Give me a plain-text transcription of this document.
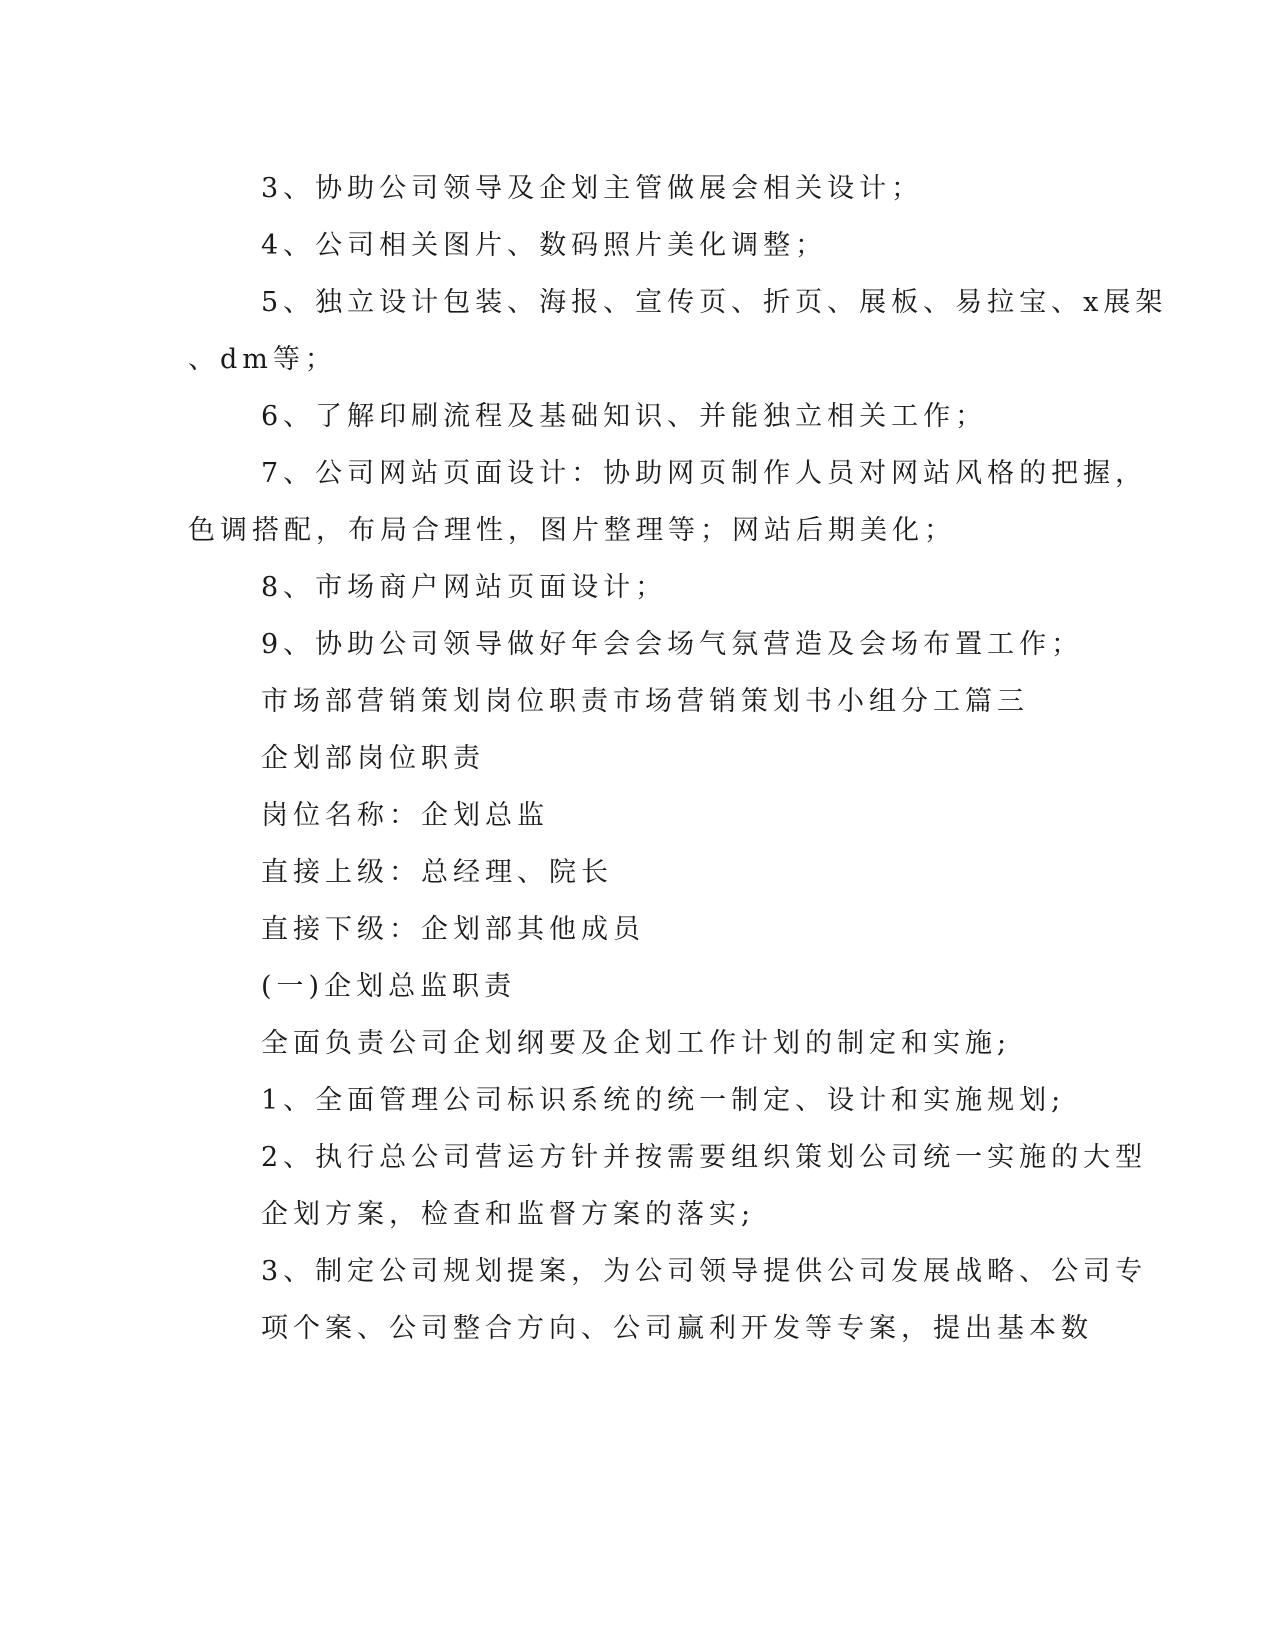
3、协助公司领导及企划主管做展会相关设计；
4、公司相关图片、数码照片美化调整；
5、独立设计包装、海报、宣传页、折页、展板、易拉宝、x展架
、dm等；
6、了解印刷流程及基础知识、并能独立相关工作；
7、公司网站页面设计：协助网页制作人员对网站风格的把握，
色调搭配，布局合理性，图片整理等；网站后期美化；
8、市场商户网站页面设计；
9、协助公司领导做好年会会场气氛营造及会场布置工作；
市场部营销策划岗位职责市场营销策划书小组分工篇三
企划部岗位职责
岗位名称：企划总监
直接上级：总经理、院长
直接下级：企划部其他成员
(一)企划总监职责
全面负责公司企划纲要及企划工作计划的制定和实施;
1、全面管理公司标识系统的统一制定、设计和实施规划;
2、执行总公司营运方针并按需要组织策划公司统一实施的大型
企划方案，检查和监督方案的落实;
3、制定公司规划提案，为公司领导提供公司发展战略、公司专
项个案、公司整合方向、公司赢利开发等专案，提出基本数
